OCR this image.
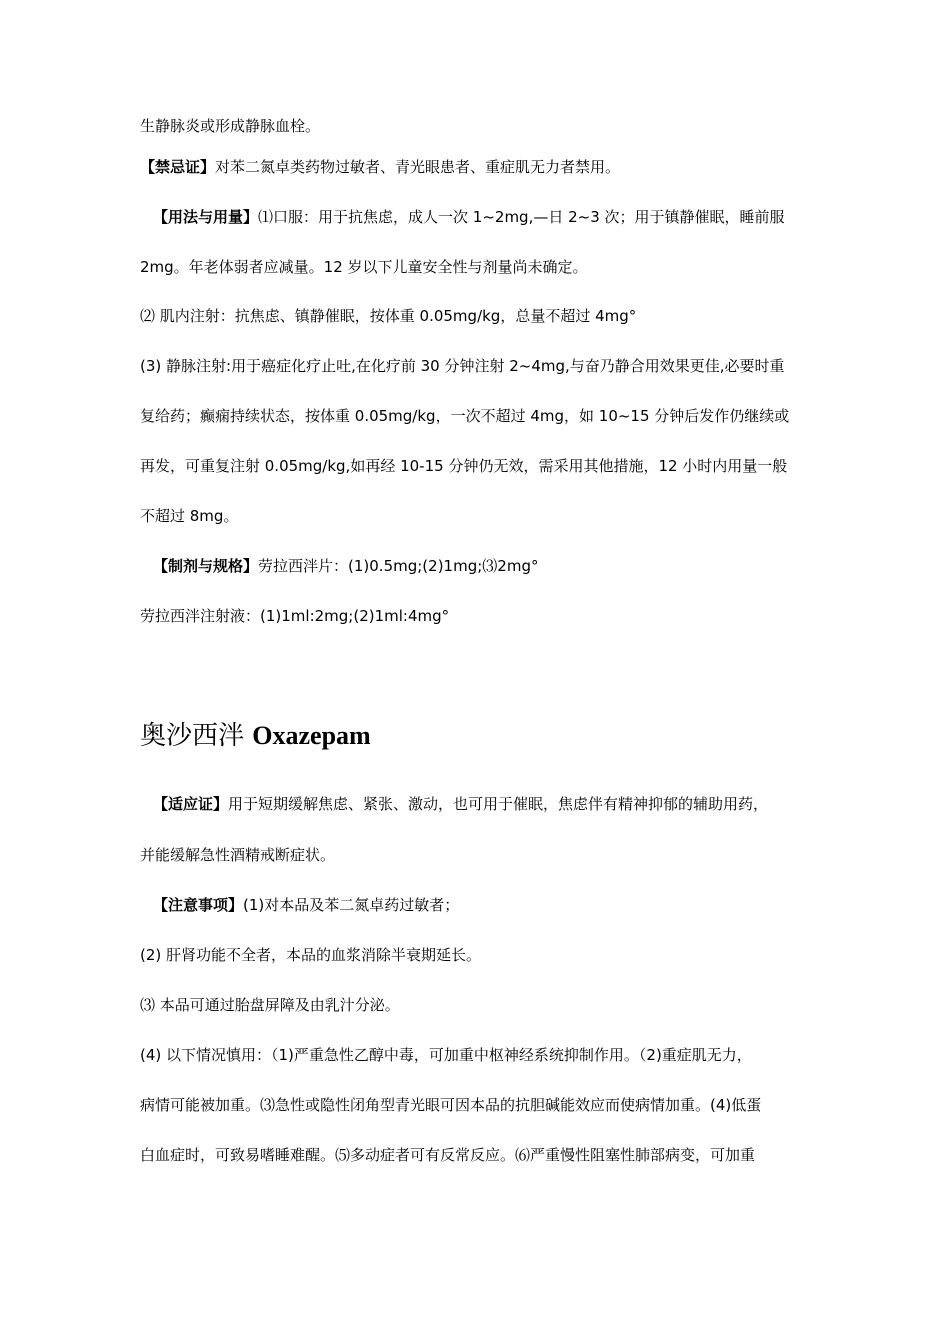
生静脉炎或形成静脉血栓。
【禁忌证】对苯二氮卓类药物过敏者、青光眼患者、重症肌无力者禁用。
【用法与用量】⑴口服：用于抗焦虑，成人一次 1~2mg,—日 2~3 次；用于镇静催眠，睡前服
2mg。年老体弱者应减量。12 岁以下儿童安全性与剂量尚未确定。
⑵ 肌内注射：抗焦虑、镇静催眠，按体重 0.05mg/kg，总量不超过 4mg°
(3) 静脉注射:用于癌症化疗止吐,在化疗前 30 分钟注射 2~4mg,与奋乃静合用效果更佳,必要时重
复给药；癫痫持续状态，按体重 0.05mg/kg，一次不超过 4mg，如 10~15 分钟后发作仍继续或
再发，可重复注射 0.05mg/kg,如再经 10-15 分钟仍无效，需采用其他措施，12 小时内用量一般
不超过 8mg。
【制剂与规格】劳拉西泮片：(1)0.5mg;(2)1mg;⑶2mg°
劳拉西泮注射液：(1)1ml:2mg;(2)1ml:4mg°
奥沙西泮 Oxazepam
【适应证】用于短期缓解焦虑、紧张、激动，也可用于催眠，焦虑伴有精神抑郁的辅助用药，
并能缓解急性酒精戒断症状。
【注意事项】(1)对本品及苯二氮卓药过敏者；
(2) 肝肾功能不全者，本品的血浆消除半衰期延长。
⑶ 本品可通过胎盘屏障及由乳汁分泌。
(4) 以下情况慎用：（1)严重急性乙醇中毒，可加重中枢神经系统抑制作用。（2)重症肌无力，
病情可能被加重。⑶急性或隐性闭角型青光眼可因本品的抗胆碱能效应而使病情加重。(4)低蛋
白血症时，可致易嗜睡难醒。⑸多动症者可有反常反应。⑹严重慢性阻塞性肺部病变，可加重
